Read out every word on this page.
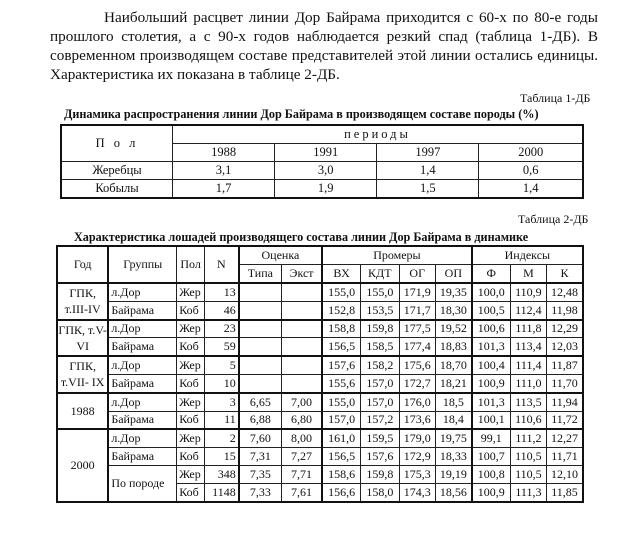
Наибольший расцвет линии Дор Байрама приходится с 60-х по 80-е годы прошлого столетия, а с 90-х годов наблюдается резкий спад (таблица 1-ДБ). В современном производящем составе представителей этой линии остались единицы. Характеристика их показана в таблице 2-ДБ.

Таблица 1-ДБ
Динамика распространения линии Дор Байрама в производящем составе породы (%)
П о л	периоды			
	1988	1991	1997	2000
Жеребцы	3,1	3,0	1,4	0,6
Кобылы	1,7	1,9	1,5	1,4
Таблица 2-ДБ
Характеристика лошадей производящего состава линии Дор Байрама в динамике
Год	Группы	Пол	N	Оценка		Промеры				Индексы		
				Типа	Экст	ВХ	КДТ	ОГ	ОП	Ф	М	К
ГПК, т.III-IV	л.Дор	Жер	13			155,0	155,0	171,9	19,35	100,0	110,9	12,48
	Байрама	Коб	46			152,8	153,5	171,7	18,30	100,5	112,4	11,98
ГПК, т.V-VI	л.Дор	Жер	23			158,8	159,8	177,5	19,52	100,6	111,8	12,29
	Байрама	Коб	59			156,5	158,5	177,4	18,83	101,3	113,4	12,03
ГПК, т.VII- IX	л.Дор	Жер	5			157,6	158,2	175,6	18,70	100,4	111,4	11,87
	Байрама	Коб	10			155,6	157,0	172,7	18,21	100,9	111,0	11,70
1988	л.Дор	Жер	3	6,65	7,00	155,0	157,0	176,0	18,5	101,3	113,5	11,94
	Байрама	Коб	11	6,88	6,80	157,0	157,2	173,6	18,4	100,1	110,6	11,72
2000	л.Дор	Жер	2	7,60	8,00	161,0	159,5	179,0	19,75	99,1	111,2	12,27
	Байрама	Коб	15	7,31	7,27	156,5	157,6	172,9	18,33	100,7	110,5	11,71
	По породе	Жер	348	7,35	7,71	158,6	159,8	175,3	19,19	100,8	110,5	12,10
		Коб	1148	7,33	7,61	156,6	158,0	174,3	18,56	100,9	111,3	11,85
